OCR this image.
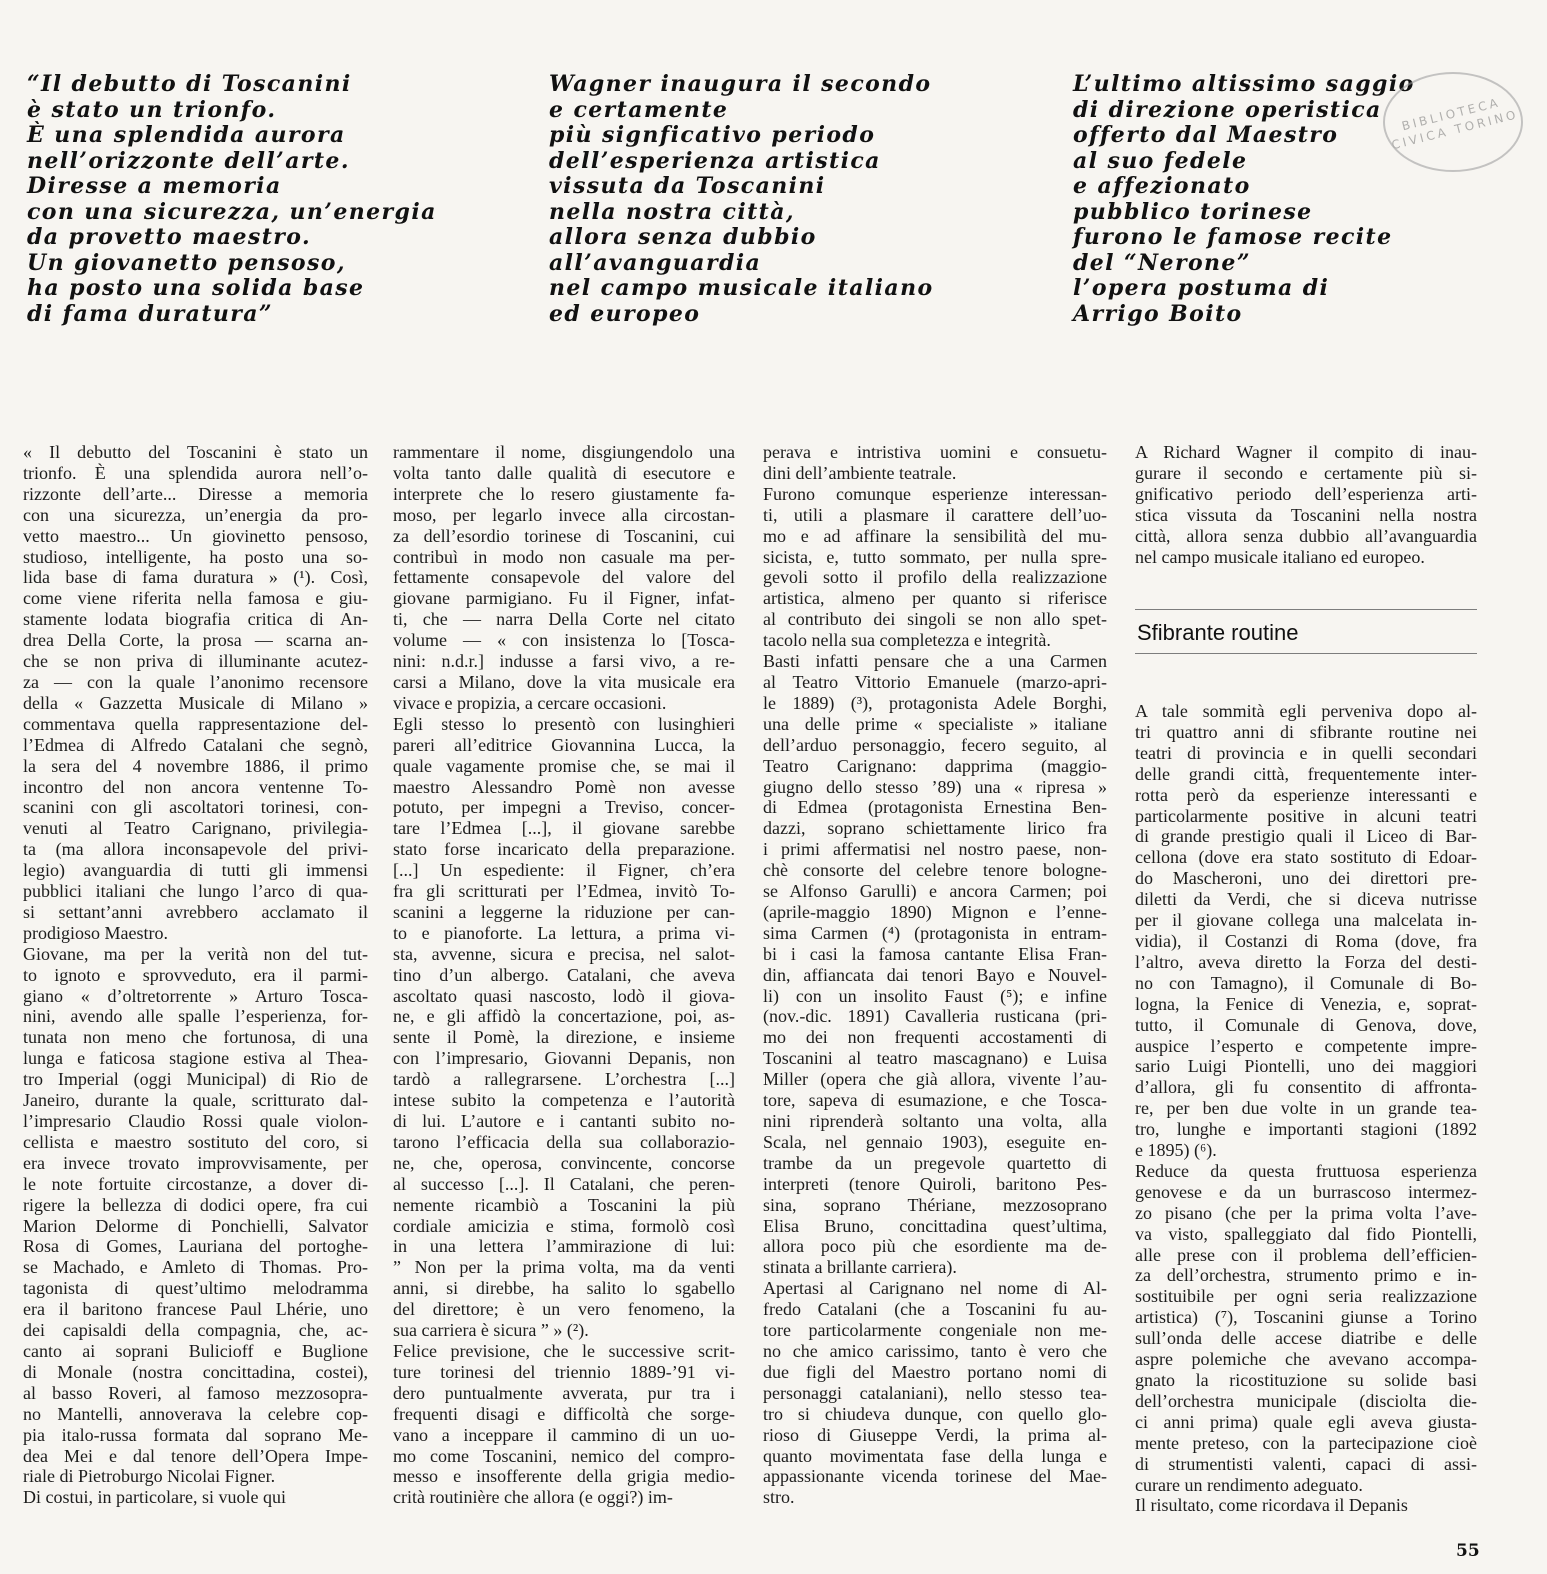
“Il debutto di Toscanini
è stato un trionfo.
È una splendida aurora
nell’orizzonte dell’arte.
Diresse a memoria
con una sicurezza, un’energia
da provetto maestro.
Un giovanetto pensoso,
ha posto una solida base
di fama duratura”
Wagner inaugura il secondo
e certamente
più signficativo periodo
dell’esperienza artistica
vissuta da Toscanini
nella nostra città,
allora senza dubbio
all’avanguardia
nel campo musicale italiano
ed europeo
L’ultimo altissimo saggio
di direzione operistica
offerto dal Maestro
al suo fedele
e affezionato
pubblico torinese
furono le famose recite
del “Nerone”
l’opera postuma di
Arrigo Boito
BIBLIOTECA CIVICA TORINO
« Il debutto del Toscanini è stato un
trionfo. È una splendida aurora nell’o-
rizzonte dell’arte... Diresse a memoria
con una sicurezza, un’energia da pro-
vetto maestro... Un giovinetto pensoso,
studioso, intelligente, ha posto una so-
lida base di fama duratura » (¹). Così,
come viene riferita nella famosa e giu-
stamente lodata biografia critica di An-
drea Della Corte, la prosa — scarna an-
che se non priva di illuminante acutez-
za — con la quale l’anonimo recensore
della « Gazzetta Musicale di Milano »
commentava quella rappresentazione del-
l’Edmea di Alfredo Catalani che segnò,
la sera del 4 novembre 1886, il primo
incontro del non ancora ventenne To-
scanini con gli ascoltatori torinesi, con-
venuti al Teatro Carignano, privilegia-
ta (ma allora inconsapevole del privi-
legio) avanguardia di tutti gli immensi
pubblici italiani che lungo l’arco di qua-
si settant’anni avrebbero acclamato il
prodigioso Maestro.
Giovane, ma per la verità non del tut-
to ignoto e sprovveduto, era il parmi-
giano « d’oltretorrente » Arturo Tosca-
nini, avendo alle spalle l’esperienza, for-
tunata non meno che fortunosa, di una
lunga e faticosa stagione estiva al Thea-
tro Imperial (oggi Municipal) di Rio de
Janeiro, durante la quale, scritturato dal-
l’impresario Claudio Rossi quale violon-
cellista e maestro sostituto del coro, si
era invece trovato improvvisamente, per
le note fortuite circostanze, a dover di-
rigere la bellezza di dodici opere, fra cui
Marion Delorme di Ponchielli, Salvator
Rosa di Gomes, Lauriana del portoghe-
se Machado, e Amleto di Thomas. Pro-
tagonista di quest’ultimo melodramma
era il baritono francese Paul Lhérie, uno
dei capisaldi della compagnia, che, ac-
canto ai soprani Bulicioff e Buglione
di Monale (nostra concittadina, costei),
al basso Roveri, al famoso mezzosopra-
no Mantelli, annoverava la celebre cop-
pia italo-russa formata dal soprano Me-
dea Mei e dal tenore dell’Opera Impe-
riale di Pietroburgo Nicolai Figner.
Di costui, in particolare, si vuole qui
rammentare il nome, disgiungendolo una
volta tanto dalle qualità di esecutore e
interprete che lo resero giustamente fa-
moso, per legarlo invece alla circostan-
za dell’esordio torinese di Toscanini, cui
contribuì in modo non casuale ma per-
fettamente consapevole del valore del
giovane parmigiano. Fu il Figner, infat-
ti, che — narra Della Corte nel citato
volume — « con insistenza lo [Tosca-
nini: n.d.r.] indusse a farsi vivo, a re-
carsi a Milano, dove la vita musicale era
vivace e propizia, a cercare occasioni.
Egli stesso lo presentò con lusinghieri
pareri all’editrice Giovannina Lucca, la
quale vagamente promise che, se mai il
maestro Alessandro Pomè non avesse
potuto, per impegni a Treviso, concer-
tare l’Edmea [...], il giovane sarebbe
stato forse incaricato della preparazione.
[...] Un espediente: il Figner, ch’era
fra gli scritturati per l’Edmea, invitò To-
scanini a leggerne la riduzione per can-
to e pianoforte. La lettura, a prima vi-
sta, avvenne, sicura e precisa, nel salot-
tino d’un albergo. Catalani, che aveva
ascoltato quasi nascosto, lodò il giova-
ne, e gli affidò la concertazione, poi, as-
sente il Pomè, la direzione, e insieme
con l’impresario, Giovanni Depanis, non
tardò a rallegrarsene. L’orchestra [...]
intese subito la competenza e l’autorità
di lui. L’autore e i cantanti subito no-
tarono l’efficacia della sua collaborazio-
ne, che, operosa, convincente, concorse
al successo [...]. Il Catalani, che peren-
nemente ricambiò a Toscanini la più
cordiale amicizia e stima, formolò così
in una lettera l’ammirazione di lui:
” Non per la prima volta, ma da venti
anni, si direbbe, ha salito lo sgabello
del direttore; è un vero fenomeno, la
sua carriera è sicura ” » (²).
Felice previsione, che le successive scrit-
ture torinesi del triennio 1889-’91 vi-
dero puntualmente avverata, pur tra i
frequenti disagi e difficoltà che sorge-
vano a inceppare il cammino di un uo-
mo come Toscanini, nemico del compro-
messo e insofferente della grigia medio-
crità routinière che allora (e oggi?) im-
perava e intristiva uomini e consuetu-
dini dell’ambiente teatrale.
Furono comunque esperienze interessan-
ti, utili a plasmare il carattere dell’uo-
mo e ad affinare la sensibilità del mu-
sicista, e, tutto sommato, per nulla spre-
gevoli sotto il profilo della realizzazione
artistica, almeno per quanto si riferisce
al contributo dei singoli se non allo spet-
tacolo nella sua completezza e integrità.
Basti infatti pensare che a una Carmen
al Teatro Vittorio Emanuele (marzo-apri-
le 1889) (³), protagonista Adele Borghi,
una delle prime « specialiste » italiane
dell’arduo personaggio, fecero seguito, al
Teatro Carignano: dapprima (maggio-
giugno dello stesso ’89) una « ripresa »
di Edmea (protagonista Ernestina Ben-
dazzi, soprano schiettamente lirico fra
i primi affermatisi nel nostro paese, non-
chè consorte del celebre tenore bologne-
se Alfonso Garulli) e ancora Carmen; poi
(aprile-maggio 1890) Mignon e l’enne-
sima Carmen (⁴) (protagonista in entram-
bi i casi la famosa cantante Elisa Fran-
din, affiancata dai tenori Bayo e Nouvel-
li) con un insolito Faust (⁵); e infine
(nov.-dic. 1891) Cavalleria rusticana (pri-
mo dei non frequenti accostamenti di
Toscanini al teatro mascagnano) e Luisa
Miller (opera che già allora, vivente l’au-
tore, sapeva di esumazione, e che Tosca-
nini riprenderà soltanto una volta, alla
Scala, nel gennaio 1903), eseguite en-
trambe da un pregevole quartetto di
interpreti (tenore Quiroli, baritono Pes-
sina, soprano Thériane, mezzosoprano
Elisa Bruno, concittadina quest’ultima,
allora poco più che esordiente ma de-
stinata a brillante carriera).
Apertasi al Carignano nel nome di Al-
fredo Catalani (che a Toscanini fu au-
tore particolarmente congeniale non me-
no che amico carissimo, tanto è vero che
due figli del Maestro portano nomi di
personaggi catalaniani), nello stesso tea-
tro si chiudeva dunque, con quello glo-
rioso di Giuseppe Verdi, la prima al-
quanto movimentata fase della lunga e
appassionante vicenda torinese del Mae-
stro.
A Richard Wagner il compito di inau-
gurare il secondo e certamente più si-
gnificativo periodo dell’esperienza arti-
stica vissuta da Toscanini nella nostra
città, allora senza dubbio all’avanguardia
nel campo musicale italiano ed europeo.
Sfibrante routine
A tale sommità egli perveniva dopo al-
tri quattro anni di sfibrante routine nei
teatri di provincia e in quelli secondari
delle grandi città, frequentemente inter-
rotta però da esperienze interessanti e
particolarmente positive in alcuni teatri
di grande prestigio quali il Liceo di Bar-
cellona (dove era stato sostituto di Edoar-
do Mascheroni, uno dei direttori pre-
diletti da Verdi, che si diceva nutrisse
per il giovane collega una malcelata in-
vidia), il Costanzi di Roma (dove, fra
l’altro, aveva diretto la Forza del desti-
no con Tamagno), il Comunale di Bo-
logna, la Fenice di Venezia, e, soprat-
tutto, il Comunale di Genova, dove,
auspice l’esperto e competente impre-
sario Luigi Piontelli, uno dei maggiori
d’allora, gli fu consentito di affronta-
re, per ben due volte in un grande tea-
tro, lunghe e importanti stagioni (1892
e 1895) (⁶).
Reduce da questa fruttuosa esperienza
genovese e da un burrascoso intermez-
zo pisano (che per la prima volta l’ave-
va visto, spalleggiato dal fido Piontelli,
alle prese con il problema dell’efficien-
za dell’orchestra, strumento primo e in-
sostituibile per ogni seria realizzazione
artistica) (⁷), Toscanini giunse a Torino
sull’onda delle accese diatribe e delle
aspre polemiche che avevano accompa-
gnato la ricostituzione su solide basi
dell’orchestra municipale (disciolta die-
ci anni prima) quale egli aveva giusta-
mente preteso, con la partecipazione cioè
di strumentisti valenti, capaci di assi-
curare un rendimento adeguato.
Il risultato, come ricordava il Depanis
55
